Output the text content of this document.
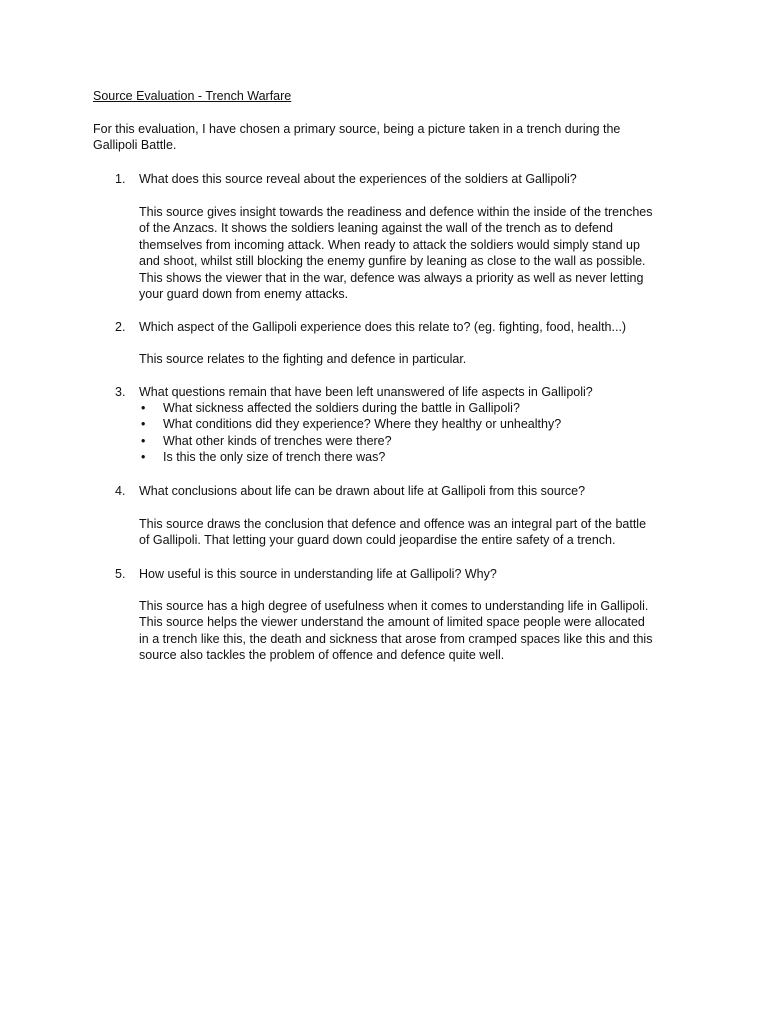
Source Evaluation - Trench Warfare
For this evaluation, I have chosen a primary source, being a picture taken in a trench during the
Gallipoli Battle.
1. What does this source reveal about the experiences of the soldiers at Gallipoli?

This source gives insight towards the readiness and defence within the inside of the trenches

of the Anzacs. It shows the soldiers leaning against the wall of the trench as to defend

themselves from incoming attack. When ready to attack the soldiers would simply stand up

and shoot, whilst still blocking the enemy gunfire by leaning as close to the wall as possible.

This shows the viewer that in the war, defence was always a priority as well as never letting

your guard down from enemy attacks.

2. Which aspect of the Gallipoli experience does this relate to? (eg. fighting, food, health...)

This source relates to the fighting and defence in particular.

3. What questions remain that have been left unanswered of life aspects in Gallipoli?
• What sickness affected the soldiers during the battle in Gallipoli?
• What conditions did they experience? Where they healthy or unhealthy?
• What other kinds of trenches were there?
• Is this the only size of trench there was?
4. What conclusions about life can be drawn about life at Gallipoli from this source?

This source draws the conclusion that defence and offence was an integral part of the battle

of Gallipoli. That letting your guard down could jeopardise the entire safety of a trench.

5. How useful is this source in understanding life at Gallipoli? Why?

This source has a high degree of usefulness when it comes to understanding life in Gallipoli.

This source helps the viewer understand the amount of limited space people were allocated

in a trench like this, the death and sickness that arose from cramped spaces like this and this

source also tackles the problem of offence and defence quite well.
